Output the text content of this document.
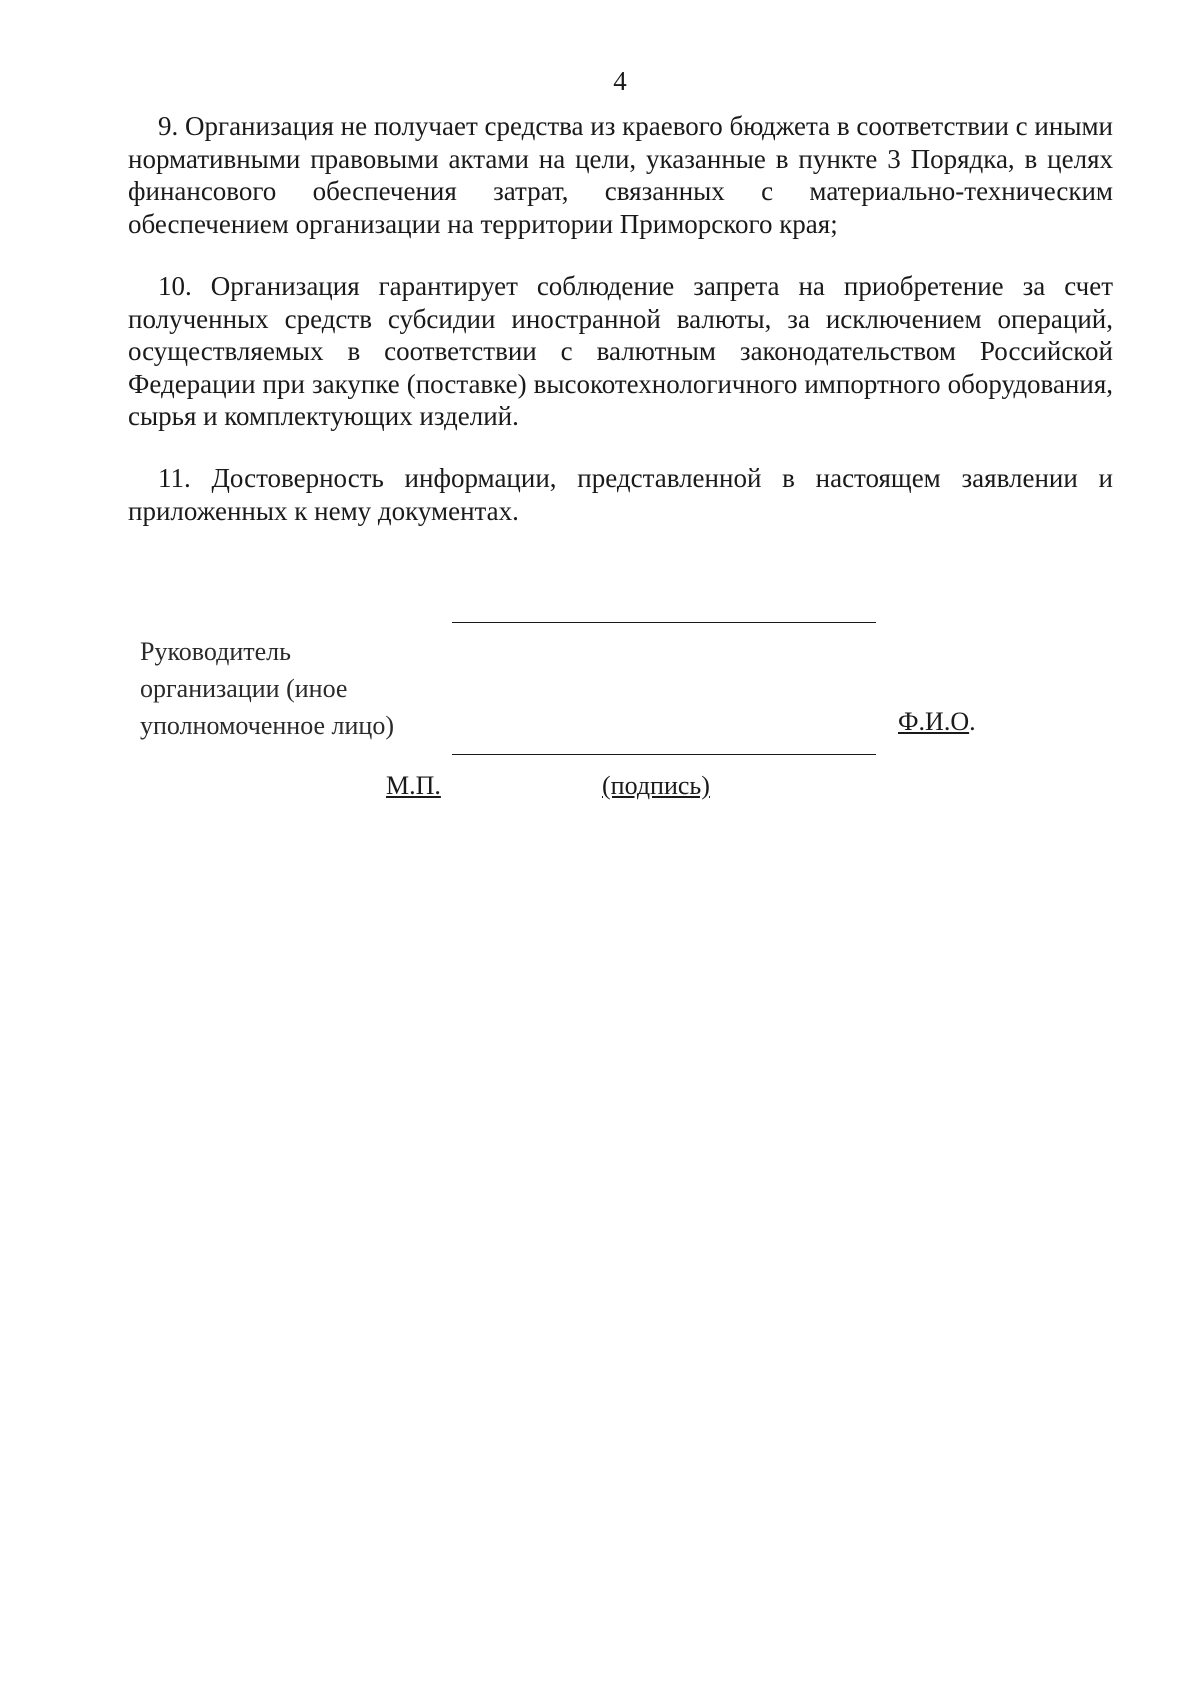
4

9. Организация не получает средства из краевого бюджета в соответствии с иными нормативными правовыми актами на цели, указанные в пункте 3 Порядка, в целях финансового обеспечения затрат, связанных с материально-техническим обеспечением организации на территории Приморского края;

10. Организация гарантирует соблюдение запрета на приобретение за счет полученных средств субсидии иностранной валюты, за исключением операций, осуществляемых в соответствии с валютным законодательством Российской Федерации при закупке (поставке) высокотехнологичного импортного оборудования, сырья и комплектующих изделий.

11. Достоверность информации, представленной в настоящем заявлении и приложенных к нему документах.

Руководитель
организации (иное
уполномоченное лицо)	Ф.И.О.
М.П.	(подпись)
